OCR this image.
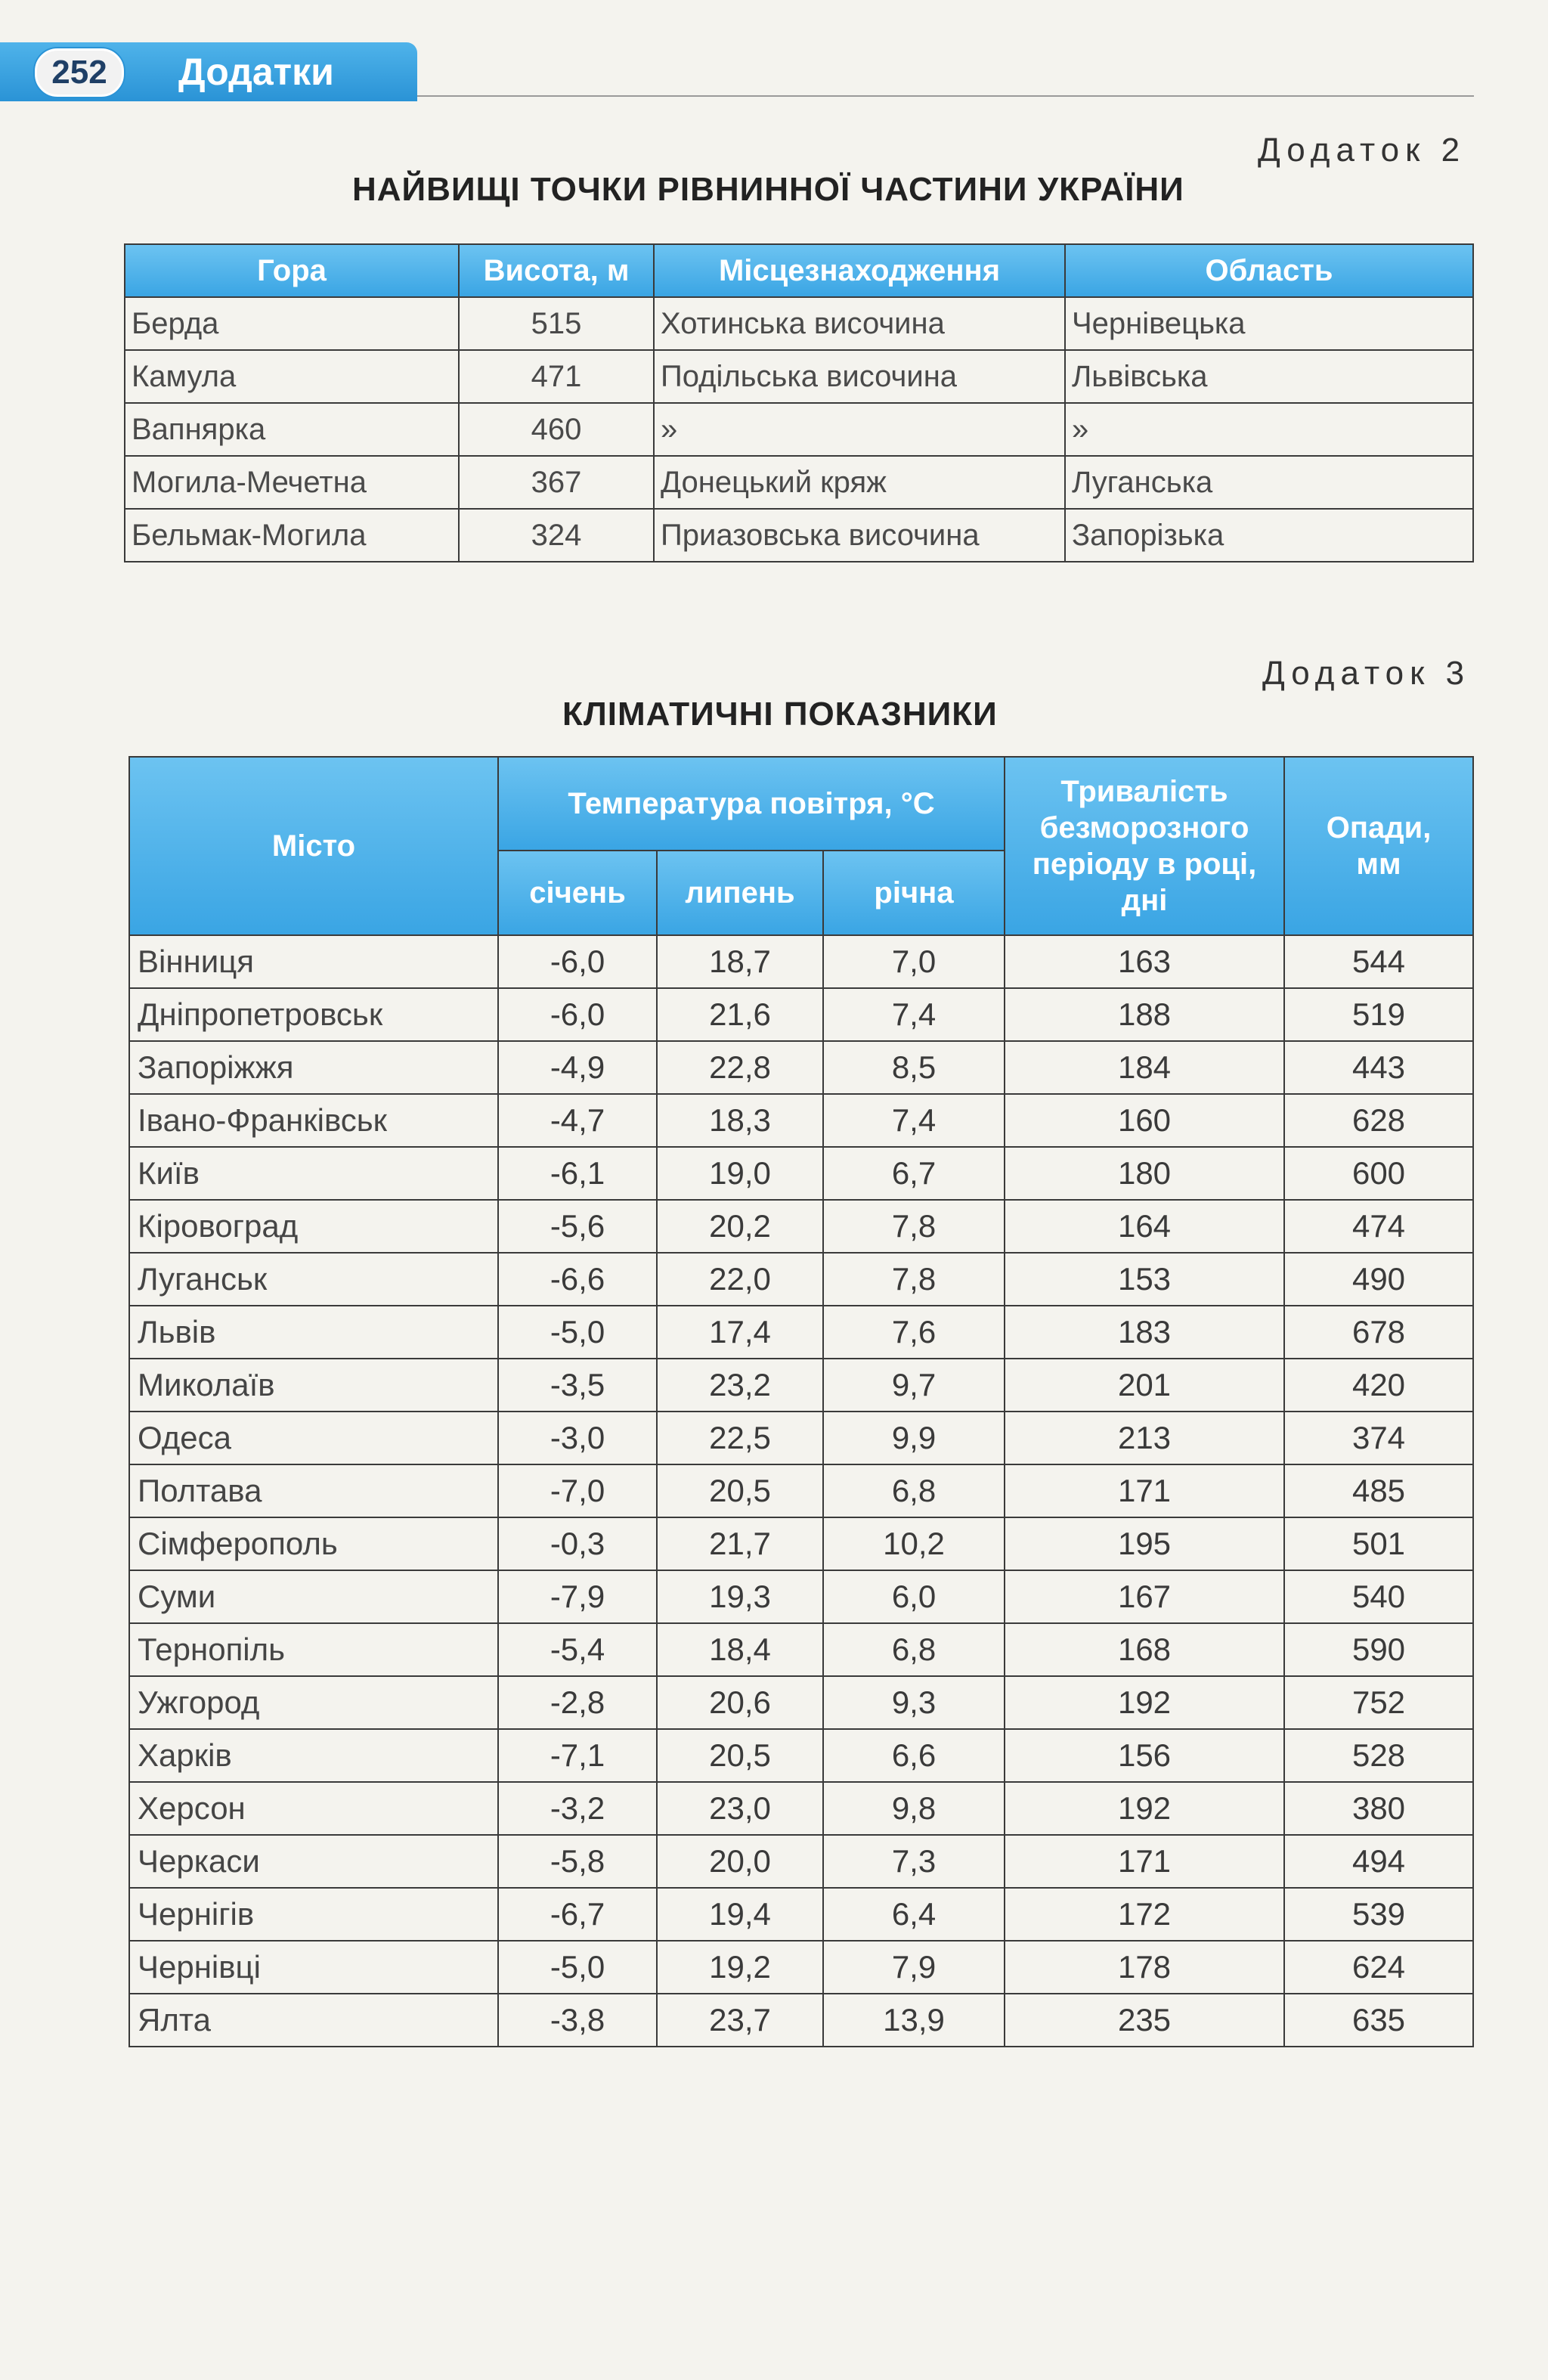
252	Додатки
Додаток 2
НАЙВИЩІ ТОЧКИ РІВНИННОЇ ЧАСТИНИ УКРАЇНИ
Гора	Висота, м	Місцезнаходження	Область
Берда	515	Хотинська височина	Чернівецька
Камула	471	Подільська височина	Львівська
Вапнярка	460	»	»
Могила-Мечетна	367	Донецький кряж	Луганська
Бельмак-Могила	324	Приазовська височина	Запорізька
Додаток 3
КЛІМАТИЧНІ ПОКАЗНИКИ
Місто	Температура повітря, °С			Тривалість безморозного періоду в році, дні	Опади, мм
	січень	липень	річна		
Вінниця	-6,0	18,7	7,0	163	544
Дніпропетровськ	-6,0	21,6	7,4	188	519
Запоріжжя	-4,9	22,8	8,5	184	443
Івано-Франківськ	-4,7	18,3	7,4	160	628
Київ	-6,1	19,0	6,7	180	600
Кіровоград	-5,6	20,2	7,8	164	474
Луганськ	-6,6	22,0	7,8	153	490
Львів	-5,0	17,4	7,6	183	678
Миколаїв	-3,5	23,2	9,7	201	420
Одеса	-3,0	22,5	9,9	213	374
Полтава	-7,0	20,5	6,8	171	485
Сімферополь	-0,3	21,7	10,2	195	501
Суми	-7,9	19,3	6,0	167	540
Тернопіль	-5,4	18,4	6,8	168	590
Ужгород	-2,8	20,6	9,3	192	752
Харків	-7,1	20,5	6,6	156	528
Херсон	-3,2	23,0	9,8	192	380
Черкаси	-5,8	20,0	7,3	171	494
Чернігів	-6,7	19,4	6,4	172	539
Чернівці	-5,0	19,2	7,9	178	624
Ялта	-3,8	23,7	13,9	235	635
